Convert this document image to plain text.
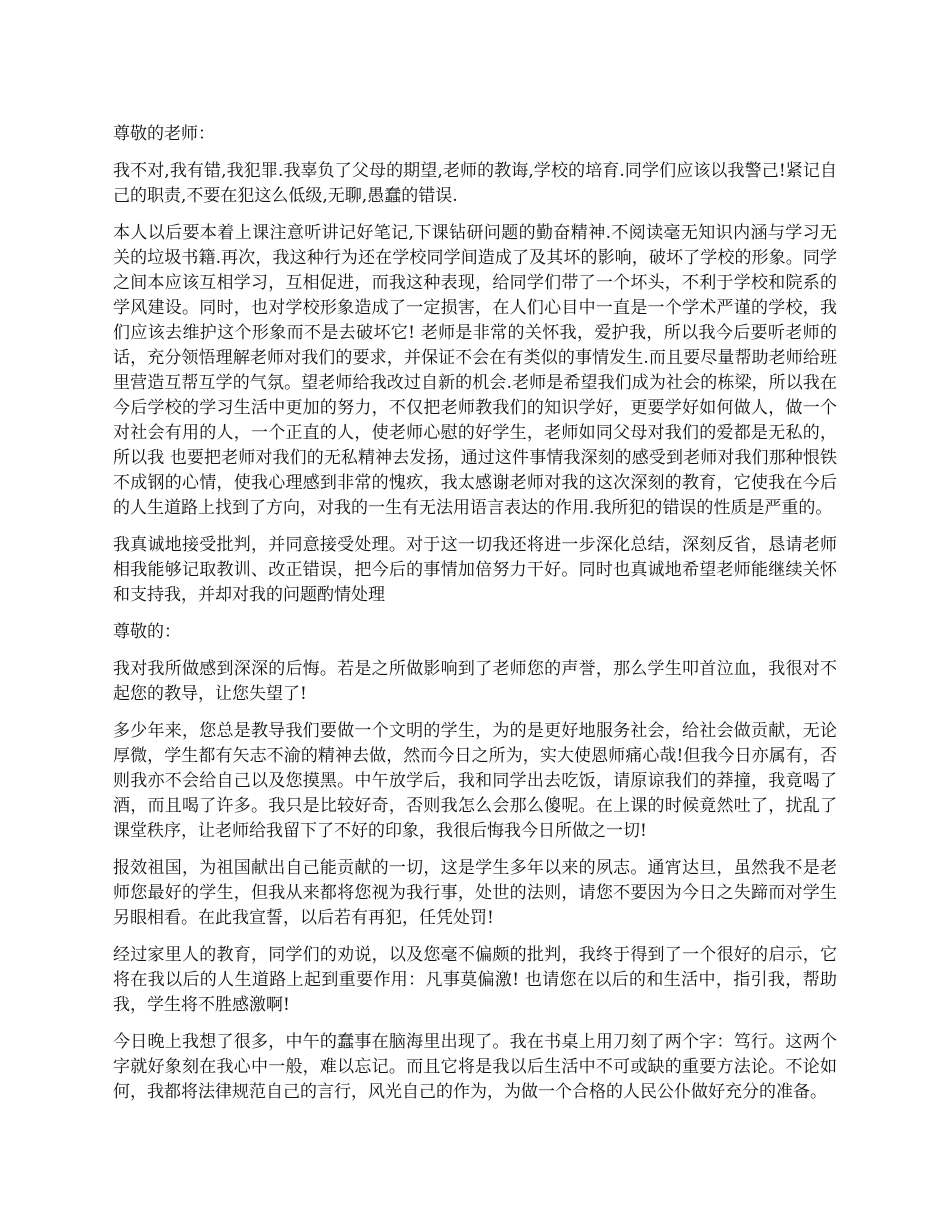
尊敬的老师：

我不对,我有错,我犯罪.我辜负了父母的期望,老师的教诲,学校的培育.同学们应该以我警己!紧记自己的职责,不要在犯这么低级,无聊,愚蠢的错误.

本人以后要本着上课注意听讲记好笔记,下课钻研问题的勤奋精神.不阅读毫无知识内涵与学习无关的垃圾书籍.再次，我这种行为还在学校同学间造成了及其坏的影响，破坏了学校的形象。同学之间本应该互相学习，互相促进，而我这种表现，给同学们带了一个坏头，不利于学校和院系的学风建设。同时，也对学校形象造成了一定损害，在人们心目中一直是一个学术严谨的学校，我们应该去维护这个形象而不是去破坏它! 老师是非常的关怀我，爱护我，所以我今后要听老师的话，充分领悟理解老师对我们的要求，并保证不会在有类似的事情发生.而且要尽量帮助老师给班里营造互帮互学的气氛。望老师给我改过自新的机会.老师是希望我们成为社会的栋梁，所以我在今后学校的学习生活中更加的努力，不仅把老师教我们的知识学好，更要学好如何做人，做一个对社会有用的人，一个正直的人，使老师心慰的好学生，老师如同父母对我们的爱都是无私的，所以我 也要把老师对我们的无私精神去发扬，通过这件事情我深刻的感受到老师对我们那种恨铁不成钢的心情，使我心理感到非常的愧疚，我太感谢老师对我的这次深刻的教育，它使我在今后的人生道路上找到了方向，对我的一生有无法用语言表达的作用.我所犯的错误的性质是严重的。

我真诚地接受批判，并同意接受处理。对于这一切我还将进一步深化总结，深刻反省，恳请老师相我能够记取教训、改正错误，把今后的事情加倍努力干好。同时也真诚地希望老师能继续关怀和支持我，并却对我的问题酌情处理

尊敬的：

我对我所做感到深深的后悔。若是之所做影响到了老师您的声誉，那么学生叩首泣血，我很对不起您的教导，让您失望了!

多少年来，您总是教导我们要做一个文明的学生，为的是更好地服务社会，给社会做贡献，无论厚微，学生都有矢志不渝的精神去做，然而今日之所为，实大使恩师痛心哉!但我今日亦属有，否则我亦不会给自己以及您摸黑。中午放学后，我和同学出去吃饭，请原谅我们的莽撞，我竟喝了酒，而且喝了许多。我只是比较好奇，否则我怎么会那么傻呢。在上课的时候竟然吐了，扰乱了课堂秩序，让老师给我留下了不好的印象，我很后悔我今日所做之一切!

报效祖国，为祖国献出自己能贡献的一切，这是学生多年以来的夙志。通宵达旦，虽然我不是老师您最好的学生，但我从来都将您视为我行事，处世的法则，请您不要因为今日之失蹄而对学生另眼相看。在此我宣誓，以后若有再犯，任凭处罚!

经过家里人的教育，同学们的劝说，以及您毫不偏颇的批判，我终于得到了一个很好的启示，它将在我以后的人生道路上起到重要作用：凡事莫偏激! 也请您在以后的和生活中，指引我，帮助我，学生将不胜感激啊!

今日晚上我想了很多，中午的蠢事在脑海里出现了。我在书桌上用刀刻了两个字：笃行。这两个字就好象刻在我心中一般，难以忘记。而且它将是我以后生活中不可或缺的重要方法论。不论如何，我都将法律规范自己的言行，风光自己的作为，为做一个合格的人民公仆做好充分的准备。
